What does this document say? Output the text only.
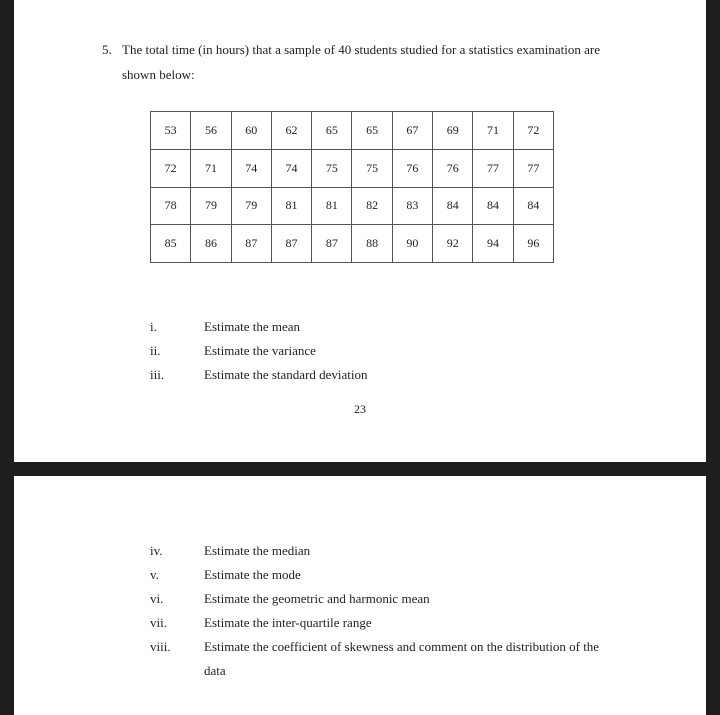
5. The total time (in hours) that a sample of 40 students studied for a statistics examination are
shown below:
53	56	60	62	65	65	67	69	71	72
72	71	74	74	75	75	76	76	77	77
78	79	79	81	81	82	83	84	84	84
85	86	87	87	87	88	90	92	94	96
i.	Estimate the mean
ii.	Estimate the variance
iii.	Estimate the standard deviation
23
iv.	Estimate the median
v.	Estimate the mode
vi.	Estimate the geometric and harmonic mean
vii.	Estimate the inter-quartile range
viii.	Estimate the coefficient of skewness and comment on the distribution of the
data
